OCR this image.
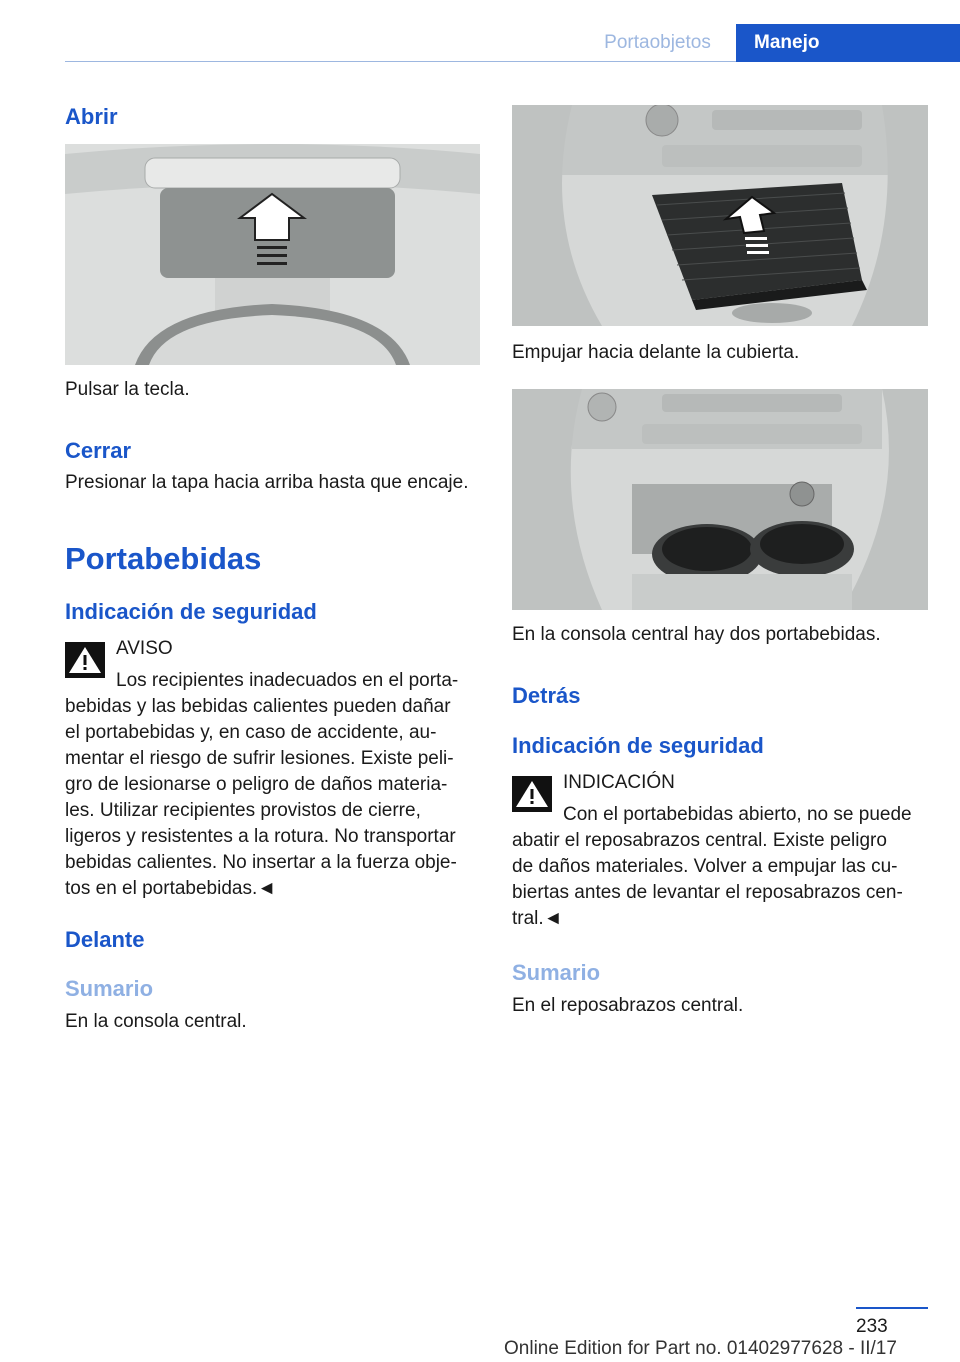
Portaobjetos	Manejo
Abrir

Pulsar la tecla.

Cerrar

Presionar la tapa hacia arriba hasta que encaje.

Portabebidas
Indicación de seguridad

AVISO

Los recipientes inadecuados en el porta‐

bebidas y las bebidas calientes pueden dañar

el portabebidas y, en caso de accidente, au‐

mentar el riesgo de sufrir lesiones. Existe peli‐

gro de lesionarse o peligro de daños materia‐

les. Utilizar recipientes provistos de cierre,

ligeros y resistentes a la rotura. No transportar

bebidas calientes. No insertar a la fuerza obje‐

tos en el portabebidas.◄

Delante
Sumario

En la consola central.

Empujar hacia delante la cubierta.

En la consola central hay dos portabebidas.

Detrás
Indicación de seguridad

INDICACIÓN

Con el portabebidas abierto, no se puede

abatir el reposabrazos central. Existe peligro

de daños materiales. Volver a empujar las cu‐

biertas antes de levantar el reposabrazos cen‐

tral.◄

Sumario

En el reposabrazos central.

233
Online Edition for Part no. 01402977628 - II/17
